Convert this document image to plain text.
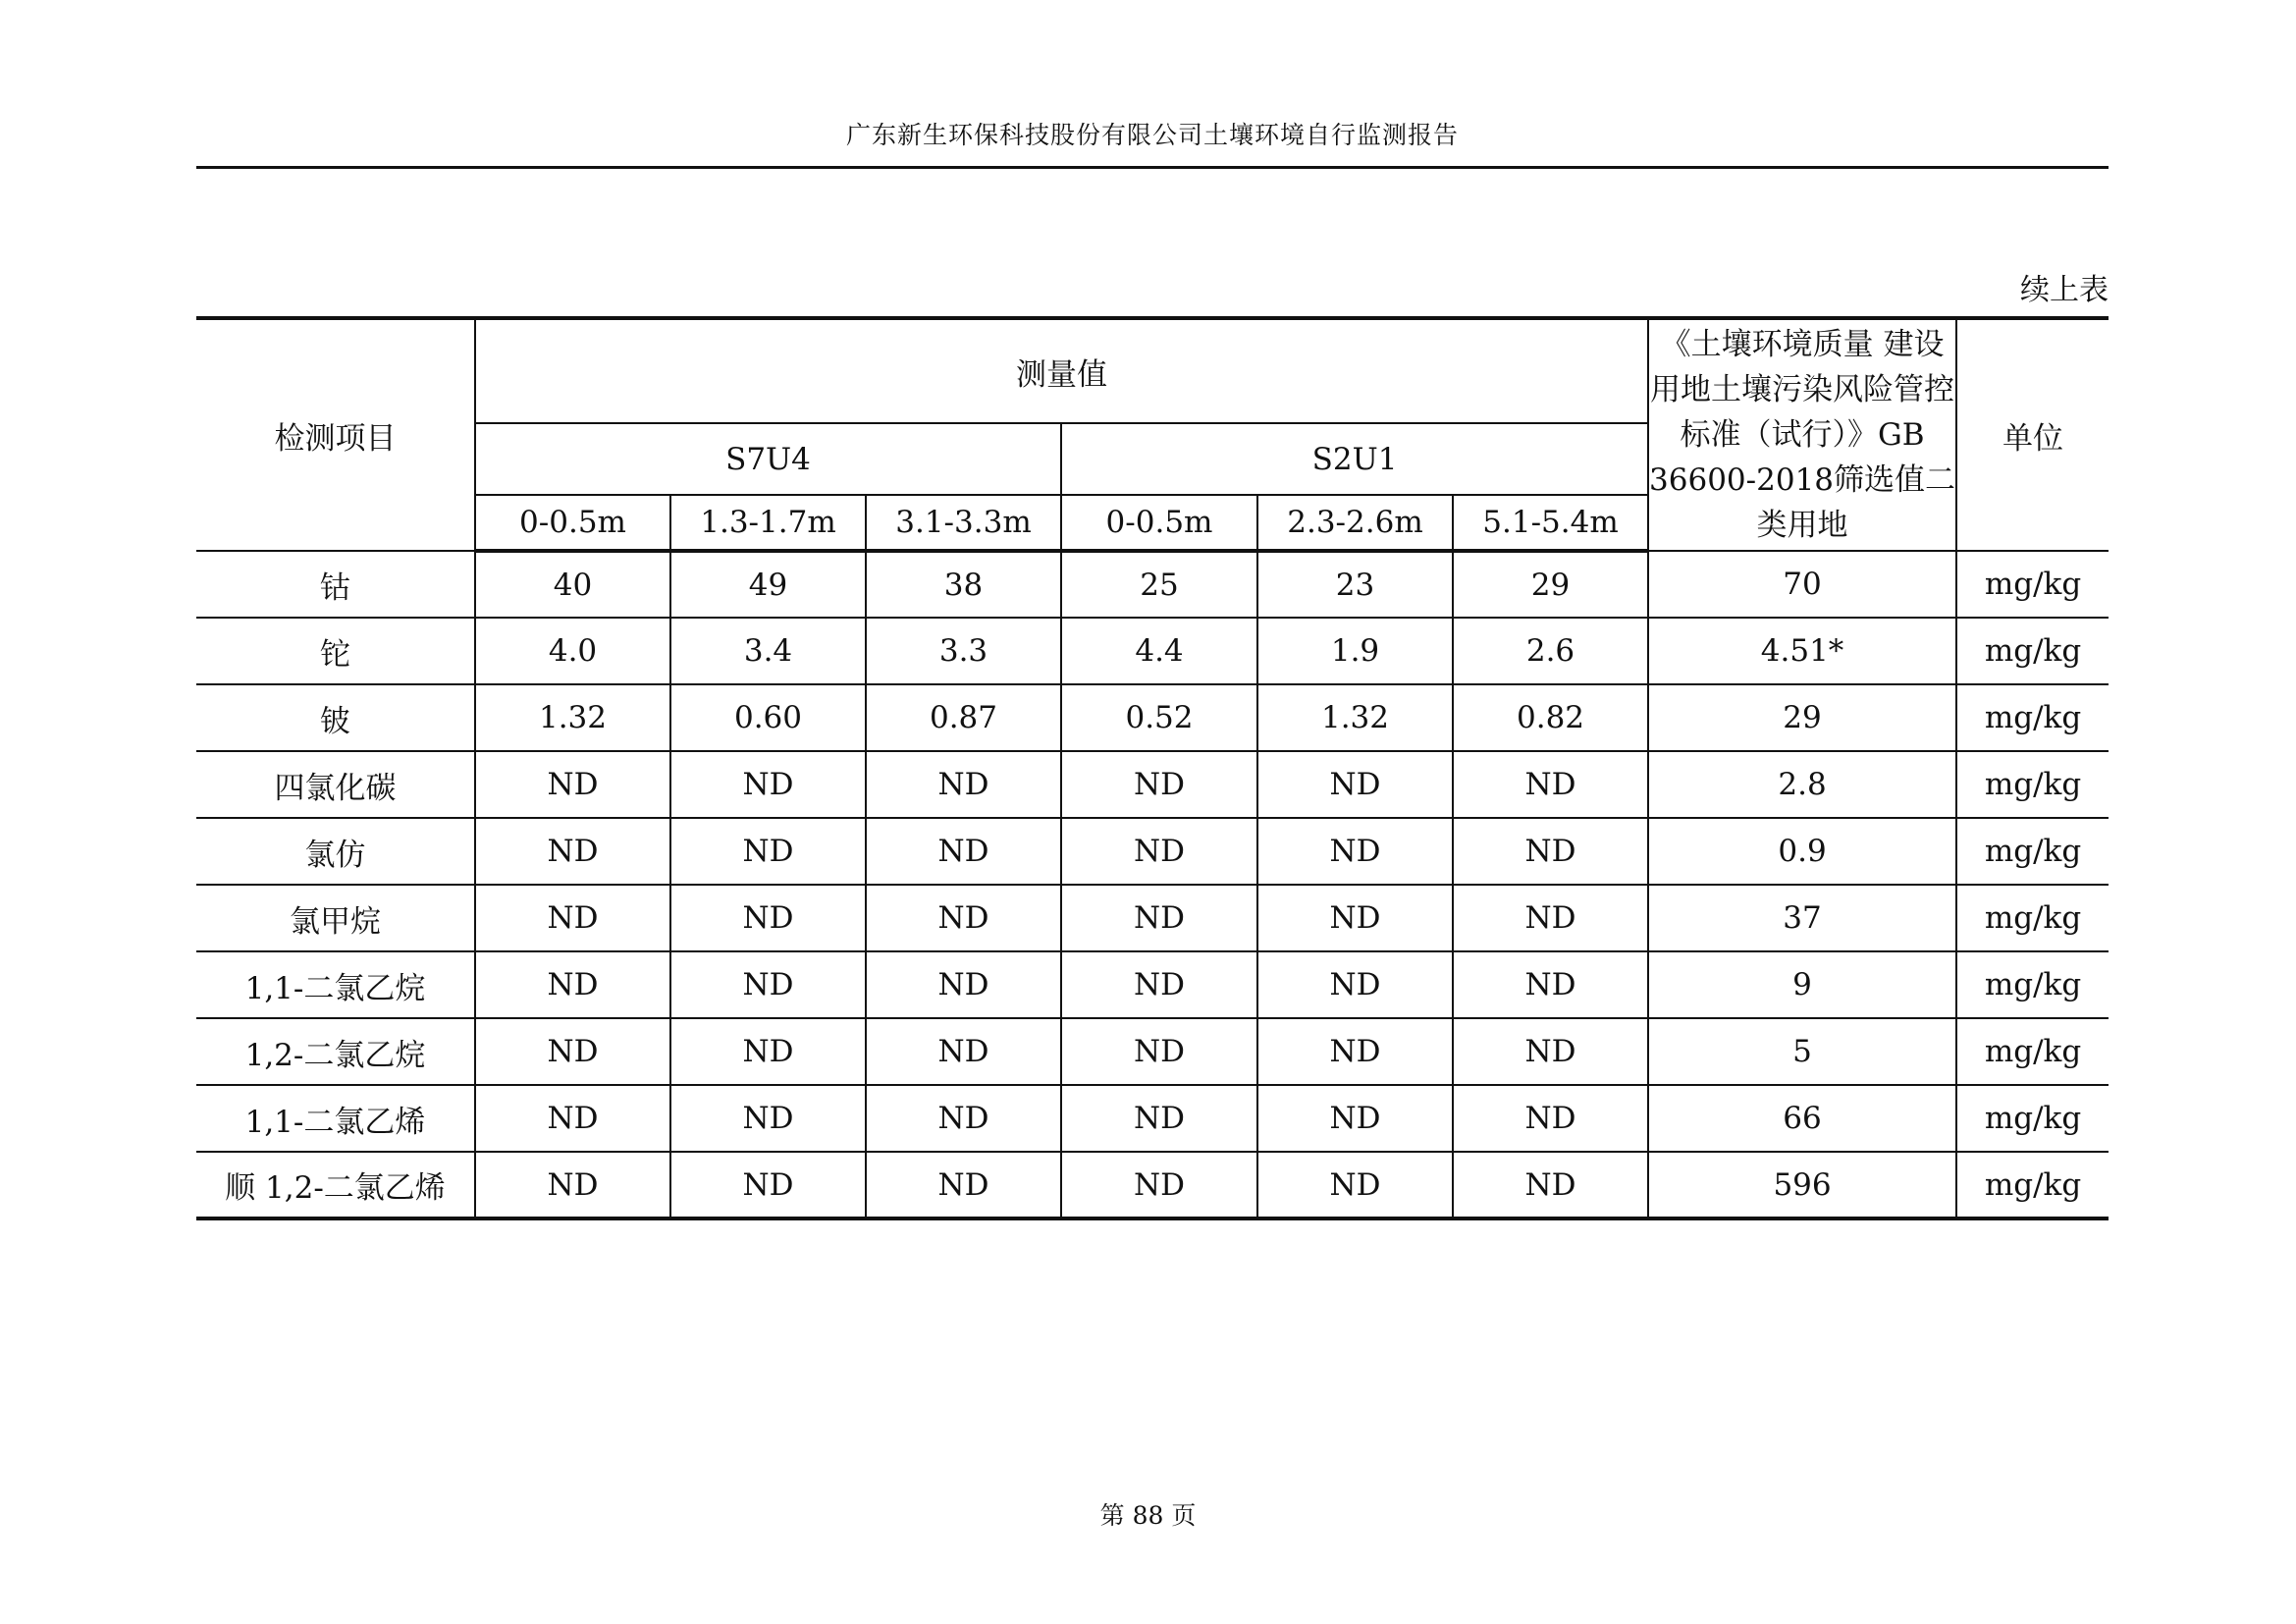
广东新生环保科技股份有限公司土壤环境自行监测报告
续上表
检测项目	测量值						《土壤环境质量 建设用地土壤污染风险管控标准（试行）》GB 36600-2018筛选值二类用地	单位
	S7U4			S2U1				
	0-0.5m	1.3-1.7m	3.1-3.3m	0-0.5m	2.3-2.6m	5.1-5.4m		
钴	40	49	38	25	23	29	70	mg/kg
铊	4.0	3.4	3.3	4.4	1.9	2.6	4.51*	mg/kg
铍	1.32	0.60	0.87	0.52	1.32	0.82	29	mg/kg
四氯化碳	ND	ND	ND	ND	ND	ND	2.8	mg/kg
氯仿	ND	ND	ND	ND	ND	ND	0.9	mg/kg
氯甲烷	ND	ND	ND	ND	ND	ND	37	mg/kg
1,1-二氯乙烷	ND	ND	ND	ND	ND	ND	9	mg/kg
1,2-二氯乙烷	ND	ND	ND	ND	ND	ND	5	mg/kg
1,1-二氯乙烯	ND	ND	ND	ND	ND	ND	66	mg/kg
顺 1,2-二氯乙烯	ND	ND	ND	ND	ND	ND	596	mg/kg
第 88 页
